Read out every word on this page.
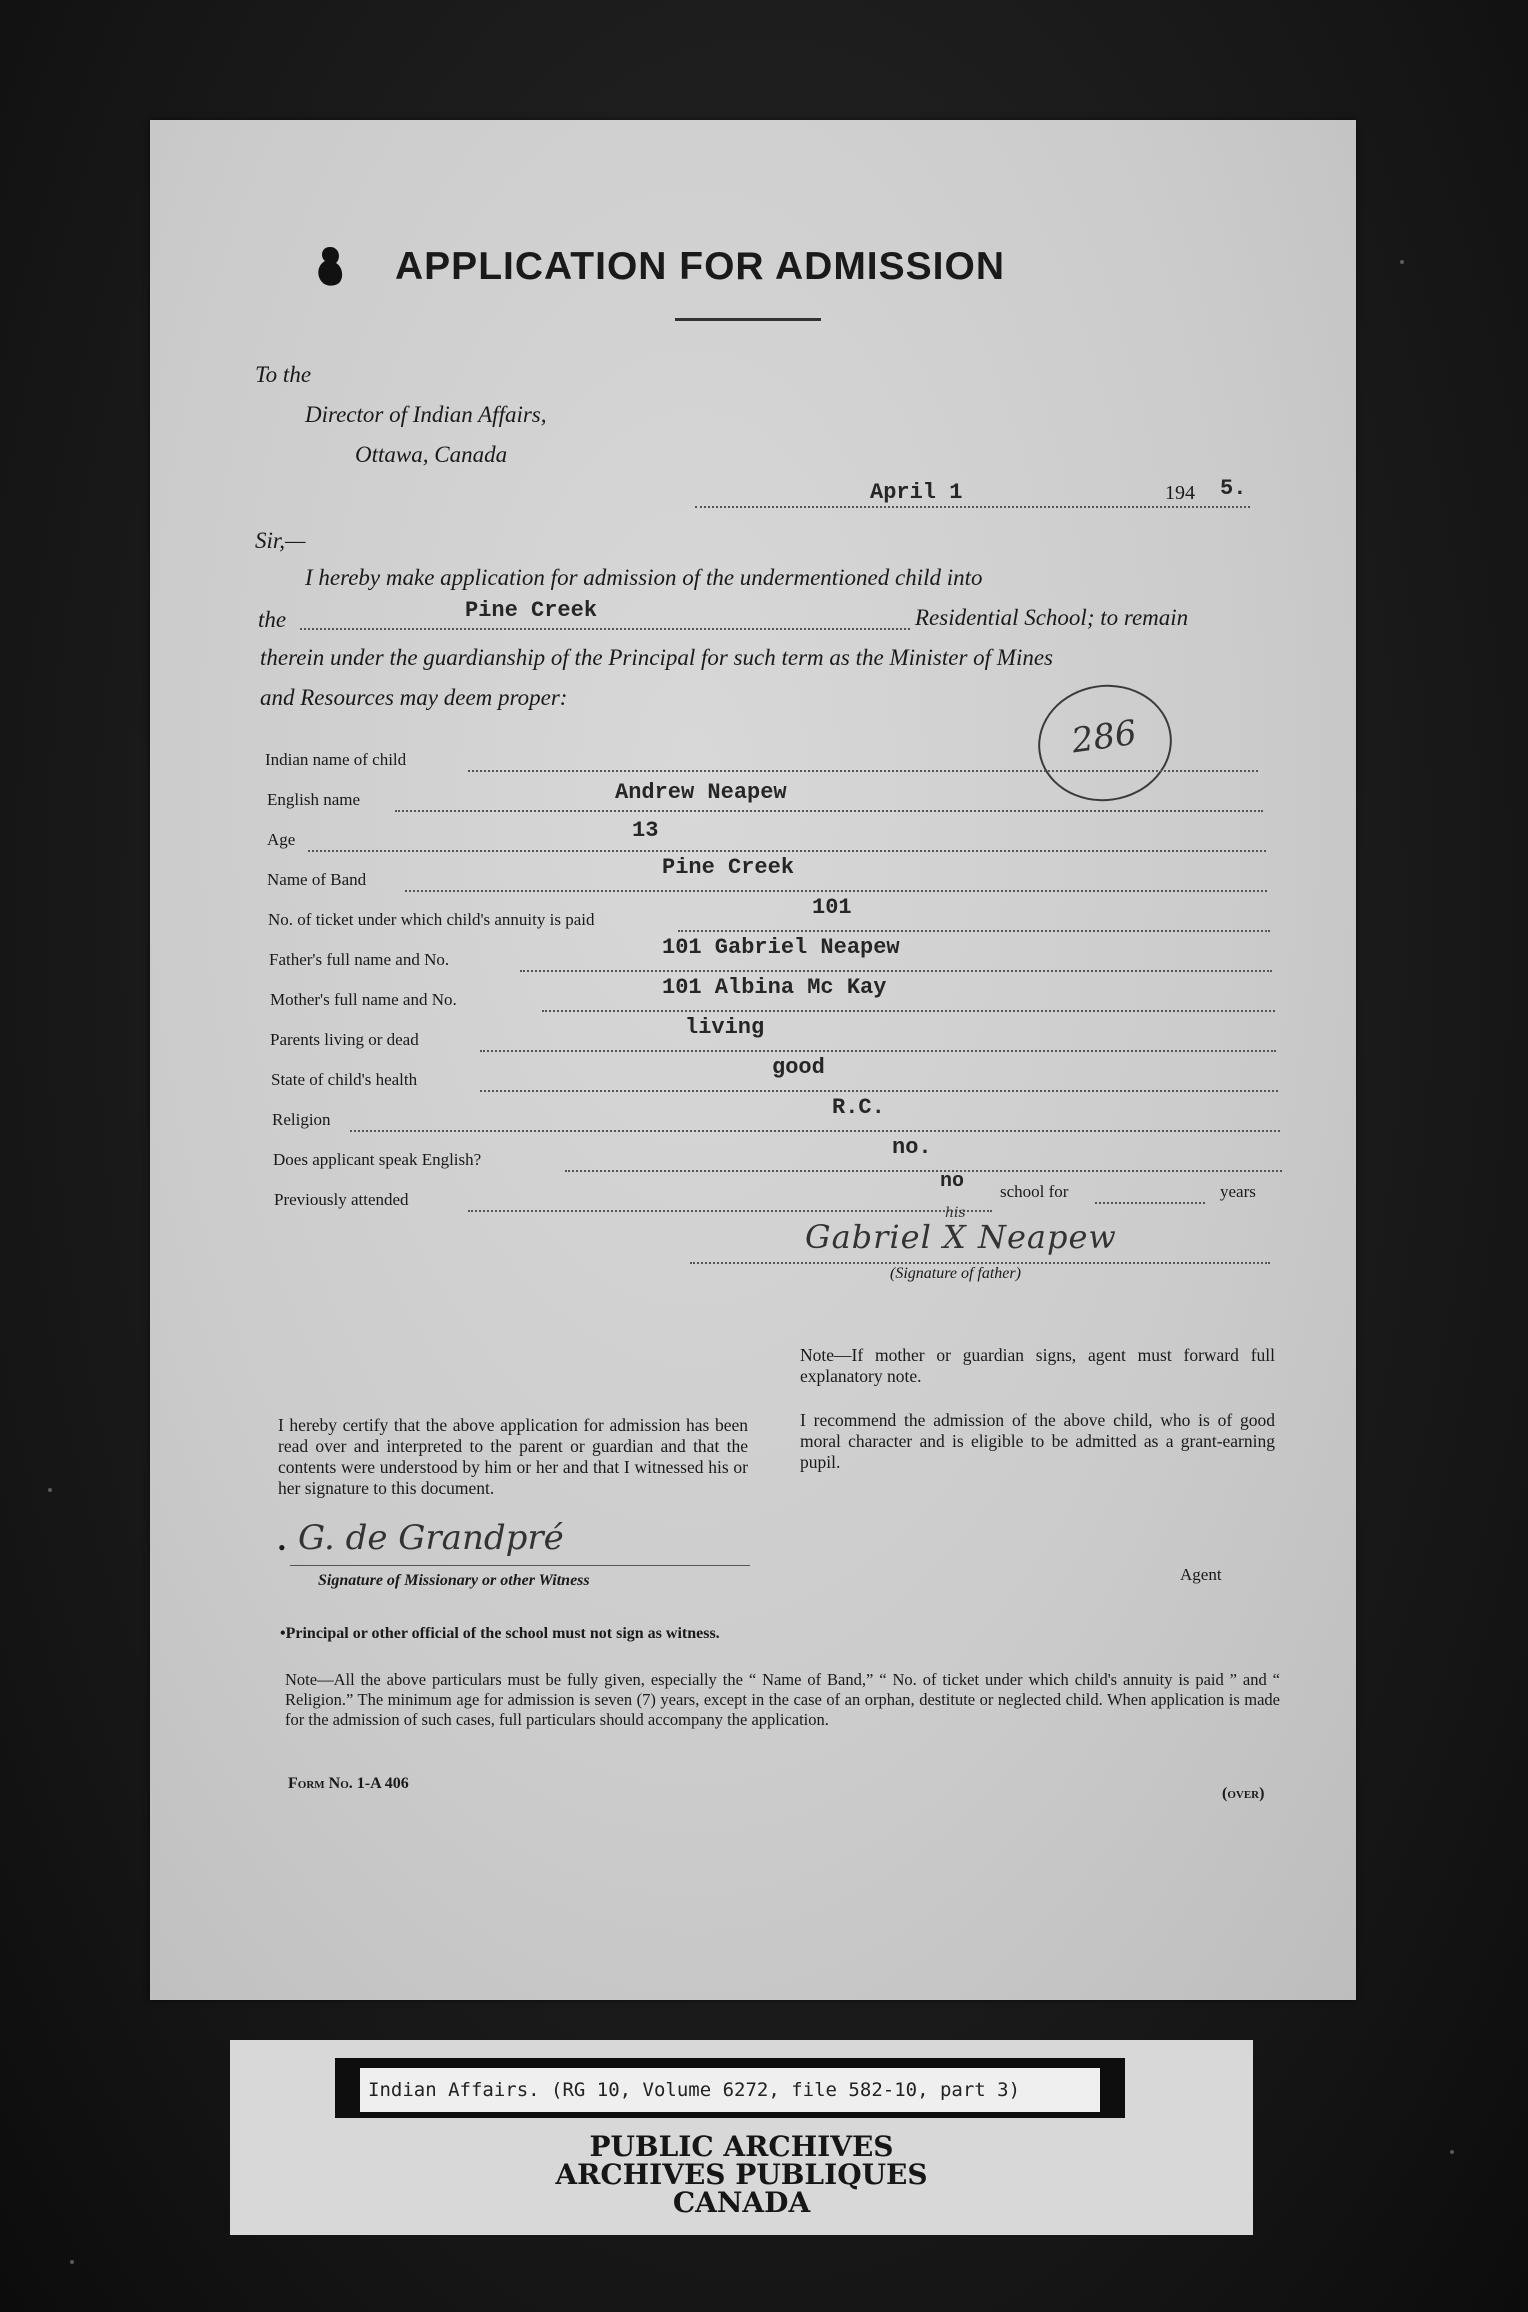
APPLICATION FOR ADMISSION
To the
Director of Indian Affairs,
Ottawa, Canada
April 1	194 5.
Sir,—
I hereby make application for admission of the undermentioned child into
the	Pine Creek	Residential School; to remain
therein under the guardianship of the Principal for such term as the Minister of Mines
and Resources may deem proper:
286
Indian name of child
English name	Andrew Neapew
Age	13
Name of Band	Pine Creek
No. of ticket under which child's annuity is paid	101
Father's full name and No.	101 Gabriel Neapew
Mother's full name and No.	101 Albina Mc Kay
Parents living or dead	living
State of child's health	good
Religion	R.C.
Does applicant speak English?	no.
Previously attended
no school for	years
Gabriel X Neapew
his
(Signature of father)
Note—If mother or guardian signs, agent must forward full explanatory note.
I recommend the admission of the above child, who is of good moral character and is eligible to be admitted as a grant-earning pupil.
I hereby certify that the above application for admission has been read over and interpreted to the parent or guardian and that the contents were understood by him or her and that I witnessed his or her signature to this document.
• G. de Grandpré
Signature of Missionary or other Witness	Agent
•Principal or other official of the school must not sign as witness.
Note—All the above particulars must be fully given, especially the “ Name of Band,” “ No. of ticket under which child's annuity is paid ” and “ Religion.” The minimum age for admission is seven (7) years, except in the case of an orphan, destitute or neglected child. When application is made for the admission of such cases, full particulars should accompany the application.
Form No. 1-A 406
(over)
Indian Affairs. (RG 10, Volume 6272, file 582-10, part 3)
PUBLIC ARCHIVES
ARCHIVES PUBLIQUES
CANADA
